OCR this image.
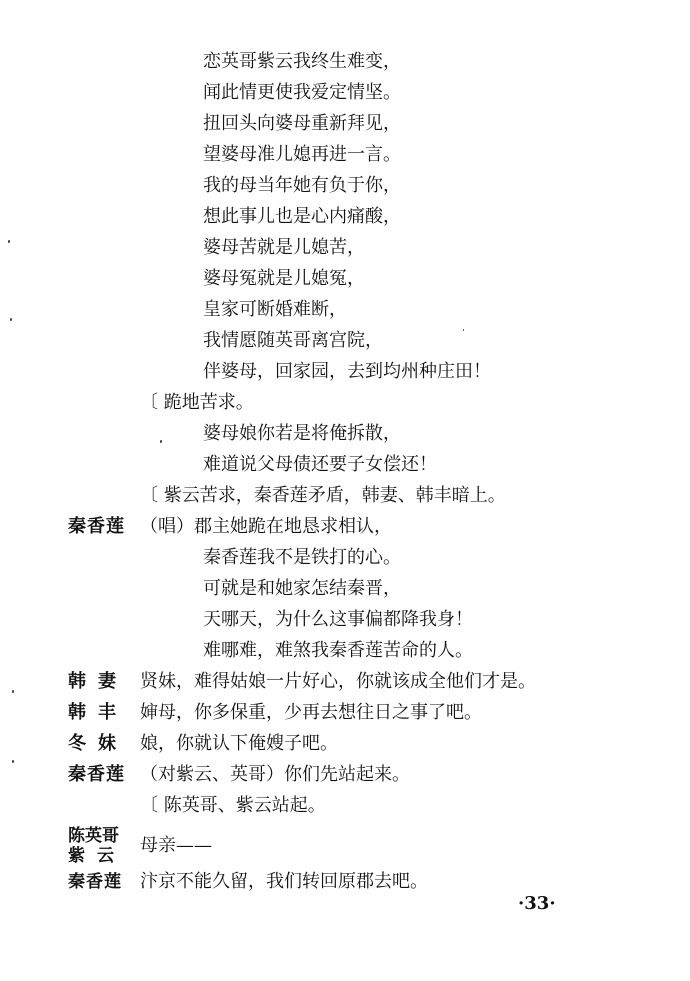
恋英哥紫云我终生难变，
闻此情更使我爱定情坚。
扭回头向婆母重新拜见，
望婆母准儿媳再进一言。
我的母当年她有负于你，
想此事儿也是心内痛酸，
婆母苦就是儿媳苦，
婆母冤就是儿媳冤，
皇家可断婚难断，
我情愿随英哥离宫院，
伴婆母，回家园，去到均州种庄田！
〔 跪地苦求。
婆母娘你若是将俺拆散，
难道说父母债还要子女偿还！
〔 紫云苦求，秦香莲矛盾，韩妻、韩丰暗上。
秦香莲 （唱）郡主她跪在地恳求相认，
秦香莲我不是铁打的心。
可就是和她家怎结秦晋，
天哪天，为什么这事偏都降我身！
难哪难，难煞我秦香莲苦命的人。
韩妻 贤妹，难得姑娘一片好心，你就该成全他们才是。
韩丰 婶母，你多保重，少再去想往日之事了吧。
冬妹 娘，你就认下俺嫂子吧。
秦香莲 （对紫云、英哥）你们先站起来。
〔 陈英哥、紫云站起。
陈英哥
紫云 母亲——
秦香莲 汴京不能久留，我们转回原郡去吧。
·33·
